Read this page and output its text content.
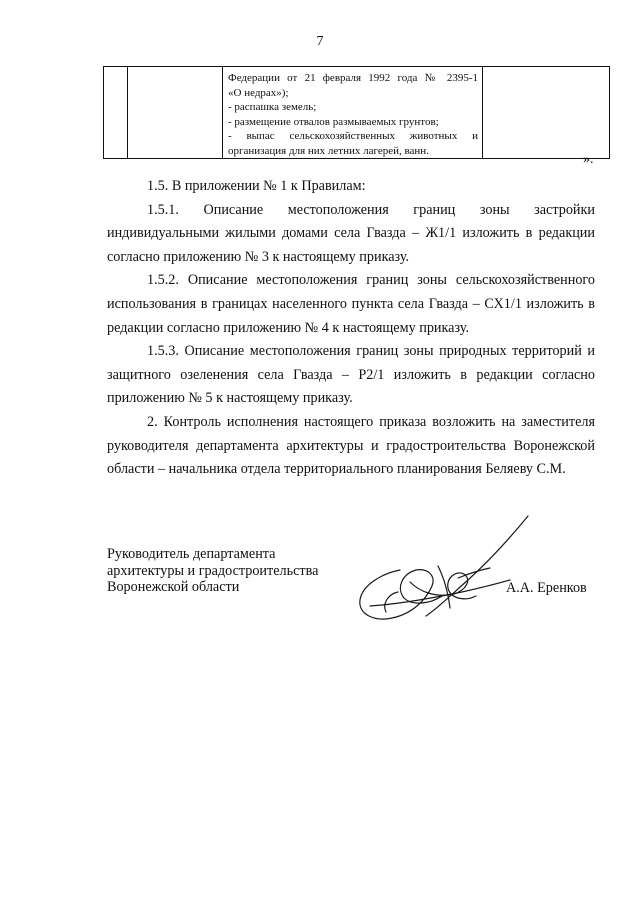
7

Федерации от 21 февраля 1992 года № 2395-1
«О недрах»);
- распашка земель;
- размещение отвалов размываемых грунтов;
- выпас сельскохозяйственных животных и
организация для них летних лагерей, ванн.

».

1.5. В приложении № 1 к Правилам:

1.5.1. Описание местоположения границ зоны застройки индивидуальными жилыми домами села Гвазда – Ж1/1 изложить в редакции согласно приложению № 3 к настоящему приказу.

1.5.2. Описание местоположения границ зоны сельскохозяйственного использования в границах населенного пункта села Гвазда – СХ1/1 изложить в редакции согласно приложению № 4 к настоящему приказу.

1.5.3. Описание местоположения границ зоны природных территорий и защитного озеленения села Гвазда – Р2/1 изложить в редакции согласно приложению № 5 к настоящему приказу.

2. Контроль исполнения настоящего приказа возложить на заместителя руководителя департамента архитектуры и градостроительства Воронежской области – начальника отдела территориального планирования Беляеву С.М.

Руководитель департамента
архитектуры и градостроительства
Воронежской области	А.А. Еренков
